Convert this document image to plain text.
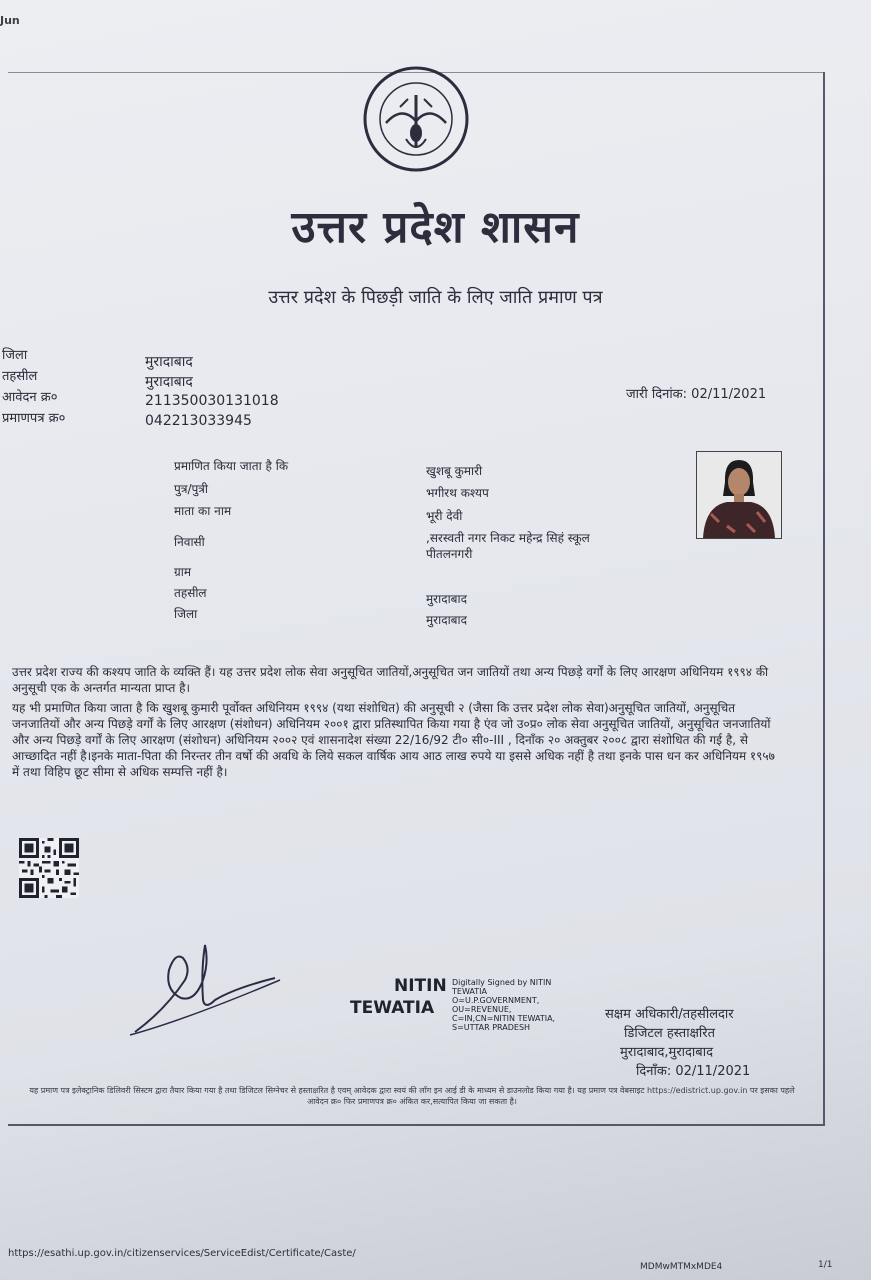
Jun
उत्तर प्रदेश शासन
उत्तर प्रदेश के पिछड़ी जाति के लिए जाति प्रमाण पत्र
जिला	मुरादाबाद
तहसील	मुरादाबाद
आवेदन क्र०	211350030131018
प्रमाणपत्र क्र०	042213033945
जारी दिनांक: 02/11/2021
प्रमाणित किया जाता है कि	खुशबू कुमारी
पुत्र/पुत्री	भगीरथ कश्यप
माता का नाम	भूरी देवी
निवासी	,सरस्वती नगर निकट महेन्द्र सिहं स्कूल
पीतलनगरी
ग्राम
तहसील	मुरादाबाद
जिला	मुरादाबाद
उत्तर प्रदेश राज्य की कश्यप जाति के व्यक्ति हैं। यह उत्तर प्रदेश लोक सेवा अनुसूचित जातियों,अनुसूचित जन जातियों तथा अन्य पिछड़े वर्गों के लिए आरक्षण अधिनियम १९९४ की अनुसूची एक के अन्तर्गत मान्यता प्राप्त है।
यह भी प्रमाणित किया जाता है कि खुशबू कुमारी पूर्वोक्त अधिनियम १९९४ (यथा संशोधित) की अनुसूची २ (जैसा कि उत्तर प्रदेश लोक सेवा)अनुसूचित जातियों, अनुसूचित जनजातियों और अन्य पिछड़े वर्गों के लिए आरक्षण (संशोधन) अधिनियम २००१ द्वारा प्रतिस्थापित किया गया है एंव जो उ०प्र० लोक सेवा अनुसूचित जातियों, अनुसूचित जनजातियों और अन्य पिछड़े वर्गों के लिए आरक्षण (संशोधन) अधिनियम २००२ एवं शासनादेश संख्या 22/16/92 टी० सी०-III , दिनाँक २० अक्तुबर २००८ द्वारा संशोधित की गई है, से आच्छादित नहीं है।इनके माता-पिता की निरन्तर तीन वर्षो की अवधि के लिये सकल वार्षिक आय आठ लाख रुपये या इससे अधिक नहीं है तथा इनके पास धन कर अधिनियम १९५७ में तथा विहिप छूट सीमा से अधिक सम्पत्ति नहीं है।
NITIN
TEWATIA
Digitally Signed by NITIN
TEWATIA
O=U.P.GOVERNMENT,
OU=REVENUE,
C=IN,CN=NITIN TEWATIA,
S=UTTAR PRADESH
सक्षम अधिकारी/तहसीलदार
डिजिटल हस्ताक्षरित
मुरादाबाद,मुरादाबाद
दिनाँक: 02/11/2021
यह प्रमाण पत्र इलेक्ट्रानिक डिलिवरी सिस्टम द्वारा तैयार किया गया है तथा डिजिटल सिग्नेचर से हस्ताक्षरित है एवम् आवेदक द्वारा स्वयं की लॉग इन आई डी के माध्यम से डाउनलोड किया गया है। यह प्रमाण पत्र वेबसाइट https://edistrict.up.gov.in पर इसका पहले आवेदन क्र० फिर प्रमाणपत्र क्र० अंकित कर,सत्यापित किया जा सकता है।
https://esathi.up.gov.in/citizenservices/ServiceEdist/Certificate/Caste/
MDMwMTMxMDE4	1/1
